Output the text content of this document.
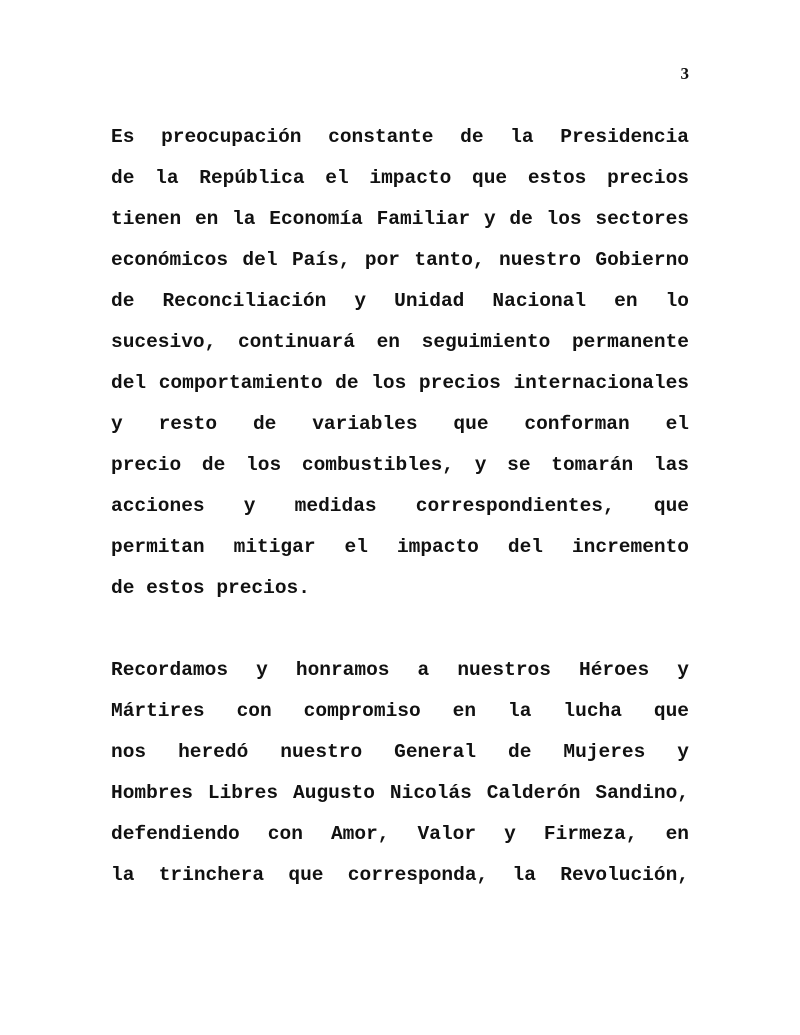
3
Es preocupación constante de la Presidencia
de la República el impacto que estos precios
tienen en la Economía Familiar y de los sectores
económicos del País, por tanto, nuestro Gobierno
de Reconciliación y Unidad Nacional en lo
sucesivo, continuará en seguimiento permanente
del comportamiento de los precios internacionales
y resto de variables que conforman el
precio de los combustibles, y se tomarán las
acciones y medidas correspondientes, que
permitan mitigar el impacto del incremento
de estos precios.
Recordamos y honramos a nuestros Héroes y
Mártires con compromiso en la lucha que
nos heredó nuestro General de Mujeres y
Hombres Libres Augusto Nicolás Calderón Sandino,
defendiendo con Amor, Valor y Firmeza, en
la trinchera que corresponda, la Revolución,
